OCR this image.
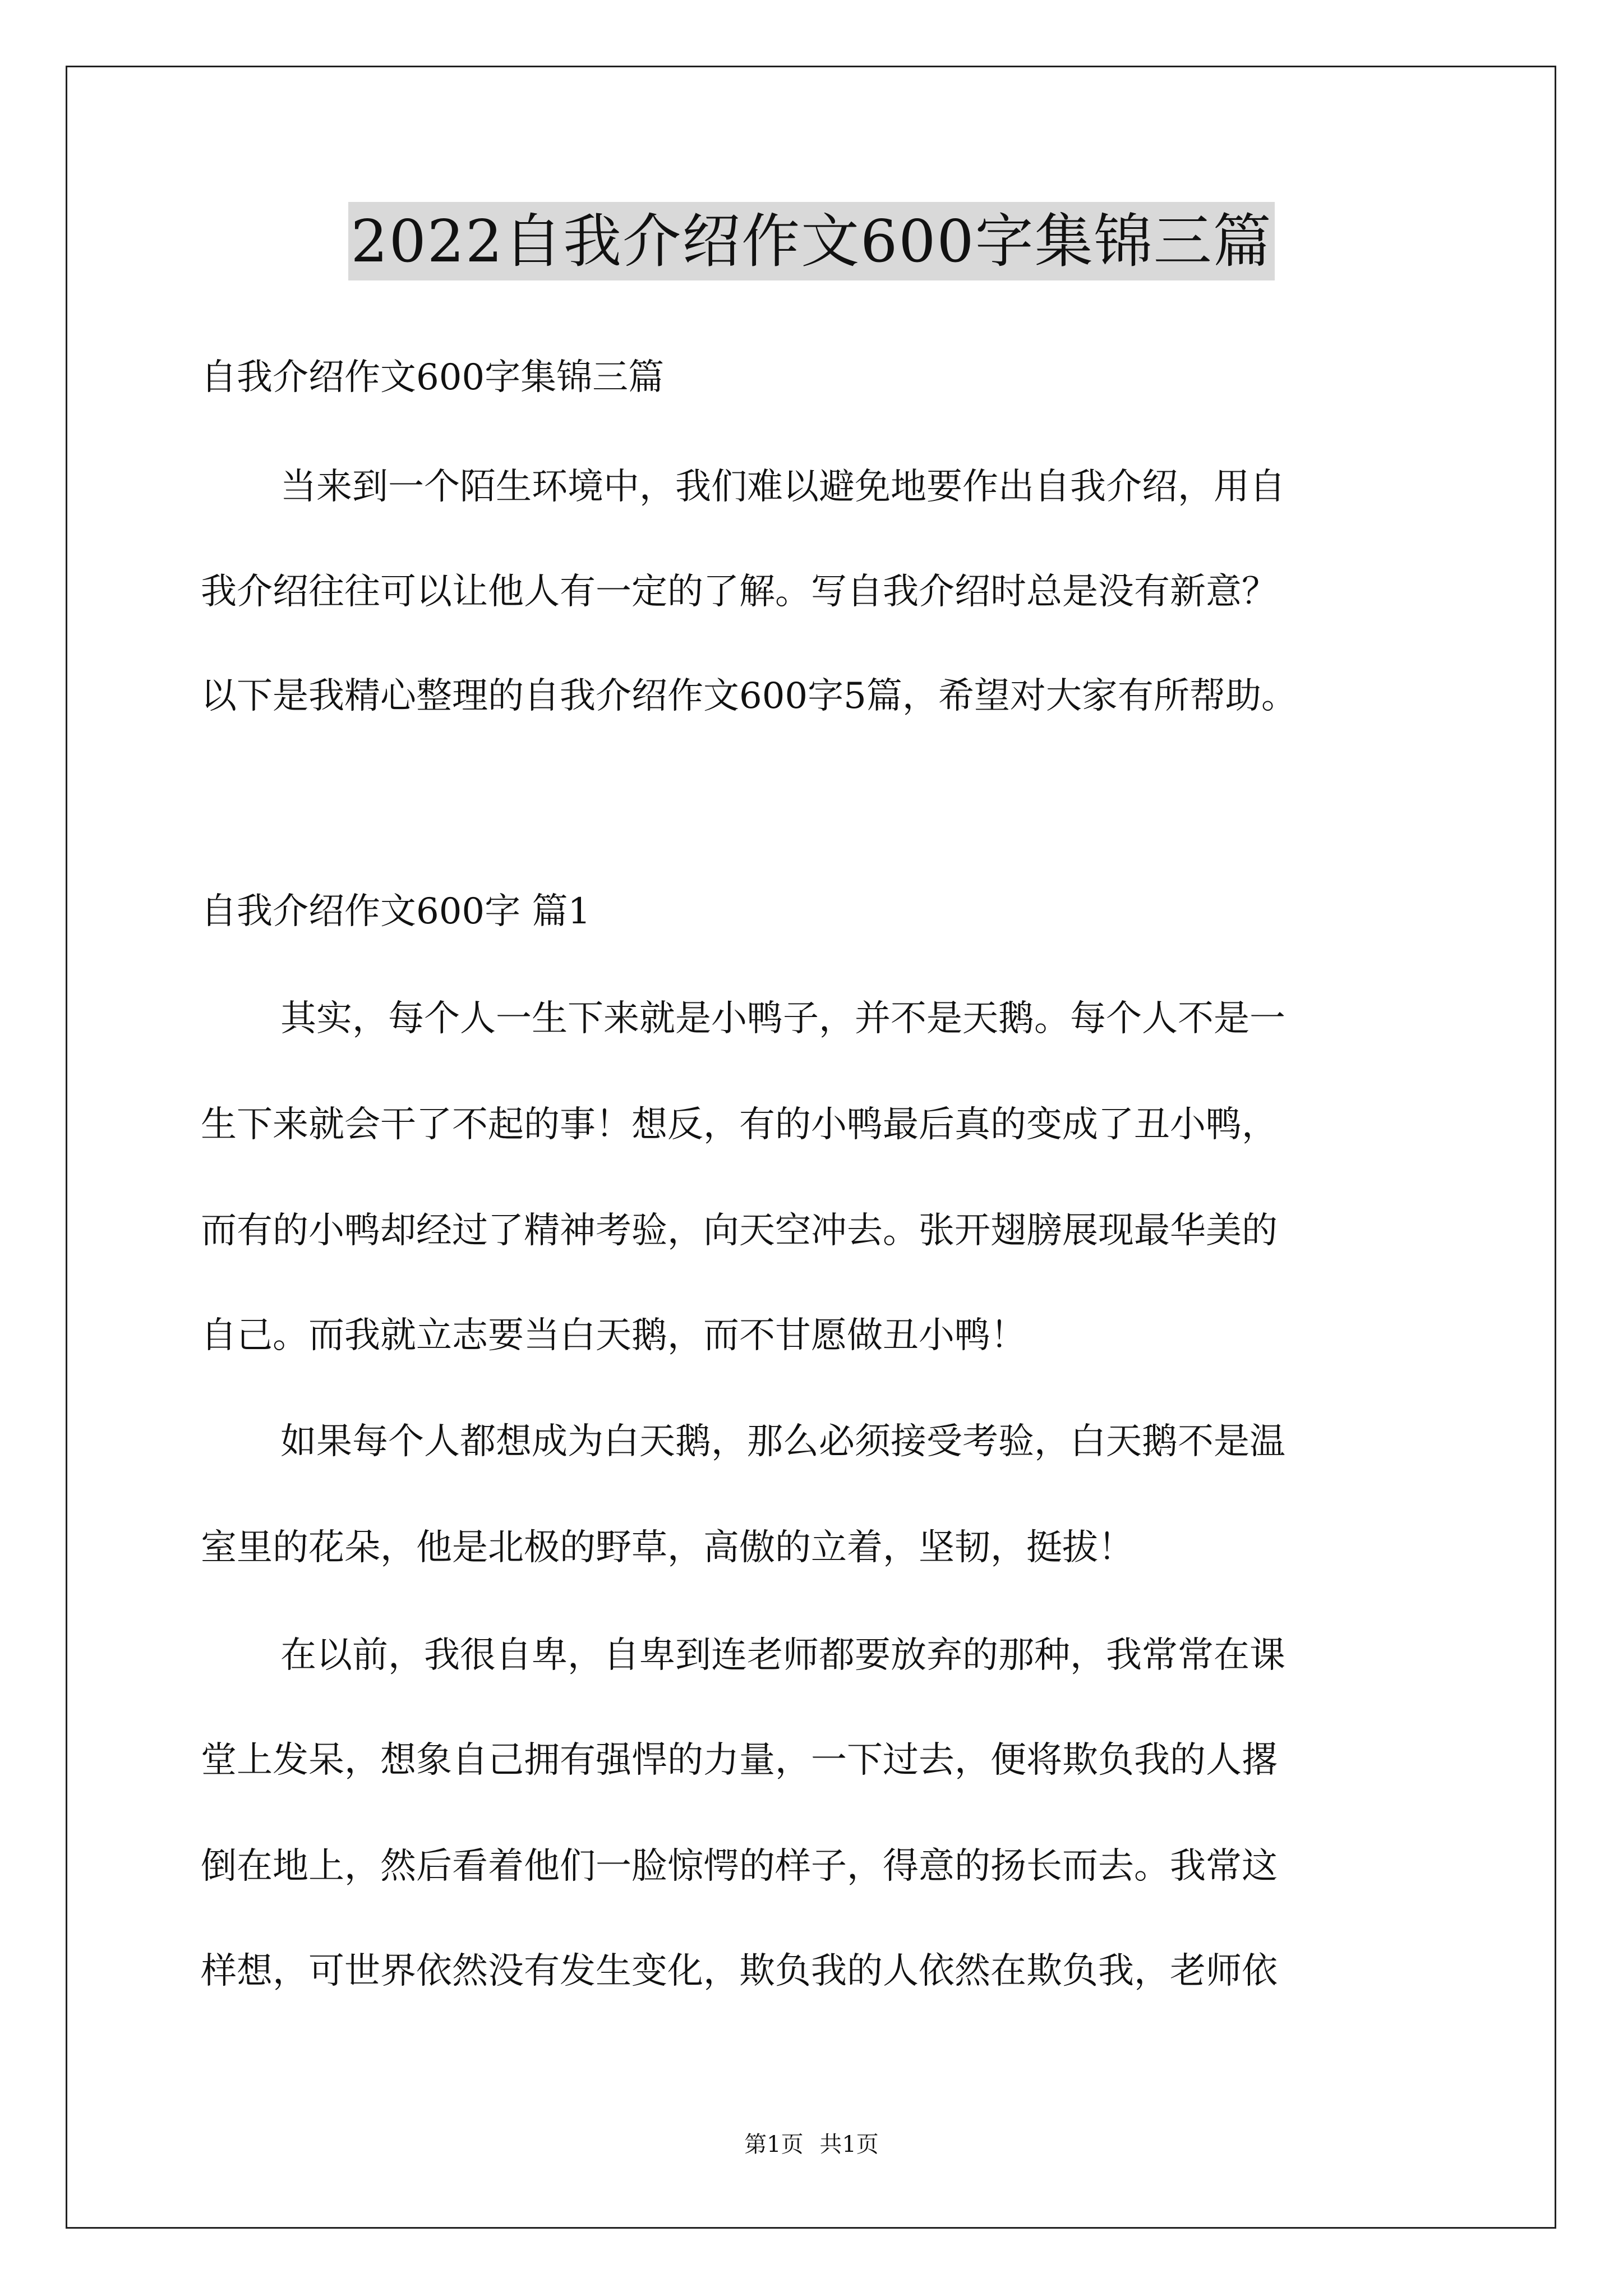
2022自我介绍作文600字集锦三篇
自我介绍作文600字集锦三篇
当来到一个陌生环境中，我们难以避免地要作出自我介绍，用自
我介绍往往可以让他人有一定的了解。写自我介绍时总是没有新意？
以下是我精心整理的自我介绍作文600字5篇，希望对大家有所帮助。
自我介绍作文600字 篇1
其实，每个人一生下来就是小鸭子，并不是天鹅。每个人不是一
生下来就会干了不起的事！想反，有的小鸭最后真的变成了丑小鸭，
而有的小鸭却经过了精神考验，向天空冲去。张开翅膀展现最华美的
自己。而我就立志要当白天鹅，而不甘愿做丑小鸭！
如果每个人都想成为白天鹅，那么必须接受考验，白天鹅不是温
室里的花朵，他是北极的野草，高傲的立着，坚韧，挺拔！
在以前，我很自卑，自卑到连老师都要放弃的那种，我常常在课
堂上发呆，想象自己拥有强悍的力量，一下过去，便将欺负我的人撂
倒在地上，然后看着他们一脸惊愕的样子，得意的扬长而去。我常这
样想，可世界依然没有发生变化，欺负我的人依然在欺负我，老师依
第1页 共1页
